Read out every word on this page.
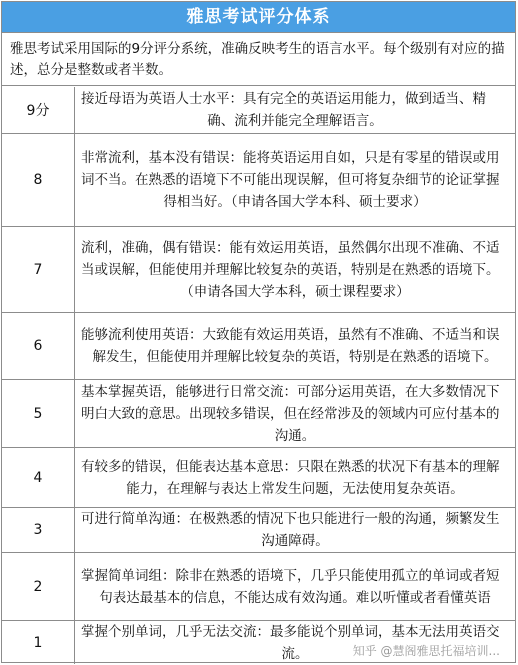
雅思考试评分体系
雅思考试采用国际的9分评分系统，准确反映考生的语言水平。每个级别有对应的描述，总分是整数或者半数。
9分
接近母语为英语人士水平：具有完全的英语运用能力，做到适当、精确、流利并能完全理解语言。
8
非常流利，基本没有错误：能将英语运用自如，只是有零星的错误或用词不当。在熟悉的语境下不可能出现误解，但可将复杂细节的论证掌握得相当好。（申请各国大学本科、硕士要求）
7
流利，准确，偶有错误：能有效运用英语，虽然偶尔出现不准确、不适当或误解，但能使用并理解比较复杂的英语，特别是在熟悉的语境下。（申请各国大学本科，硕士课程要求）
6
能够流利使用英语：大致能有效运用英语，虽然有不准确、不适当和误解发生，但能使用并理解比较复杂的英语，特别是在熟悉的语境下。
5
基本掌握英语，能够进行日常交流：可部分运用英语，在大多数情况下明白大致的意思。出现较多错误，但在经常涉及的领域内可应付基本的沟通。
4
有较多的错误，但能表达基本意思：只限在熟悉的状况下有基本的理解能力，在理解与表达上常发生问题，无法使用复杂英语。
3
可进行简单沟通：在极熟悉的情况下也只能进行一般的沟通，频繁发生沟通障碍。
2
掌握简单词组：除非在熟悉的语境下，几乎只能使用孤立的单词或者短句表达最基本的信息，不能达成有效沟通。难以听懂或者看懂英语
1
掌握个别单词，几乎无法交流：最多能说个别单词，基本无法用英语交流。	知乎 @慧阁雅思托福培训...
